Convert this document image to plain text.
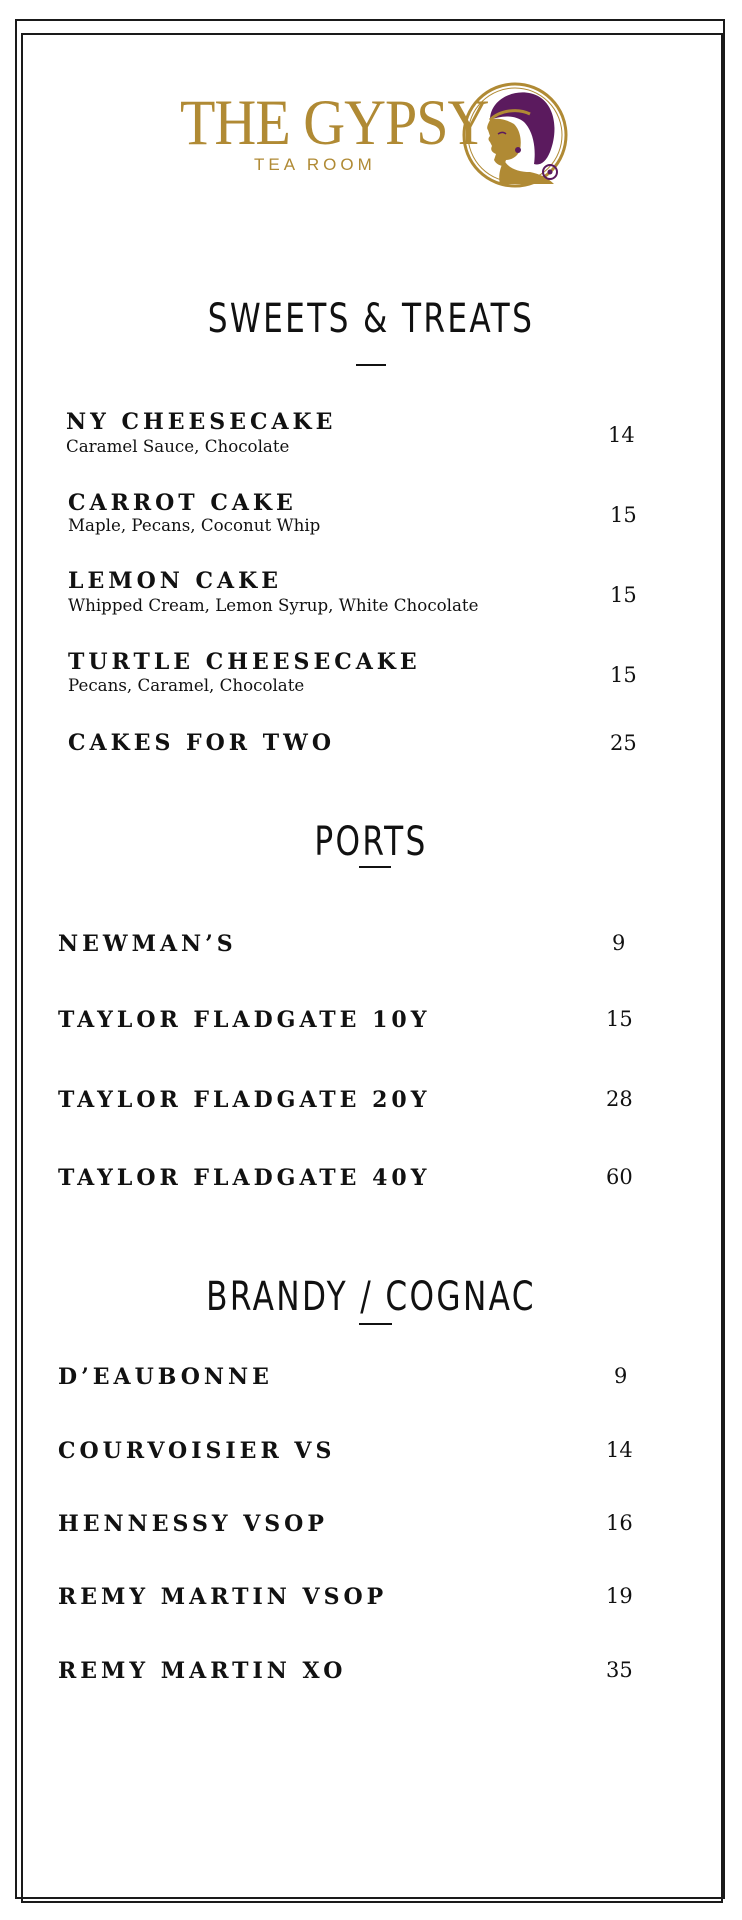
THE GYPSY
TEA ROOM
SWEETS & TREATS
NY CHEESECAKE
Caramel Sauce, Chocolate	14
CARROT CAKE
Maple, Pecans, Coconut Whip	15
LEMON CAKE
Whipped Cream, Lemon Syrup, White Chocolate	15
TURTLE CHEESECAKE
Pecans, Caramel, Chocolate	15
CAKES FOR TWO	25
PORTS
NEWMAN’S	9
TAYLOR FLADGATE 10Y	15
TAYLOR FLADGATE 20Y	28
TAYLOR FLADGATE 40Y	60
BRANDY / COGNAC
D’EAUBONNE	9
COURVOISIER VS	14
HENNESSY VSOP	16
REMY MARTIN VSOP	19
REMY MARTIN XO	35
